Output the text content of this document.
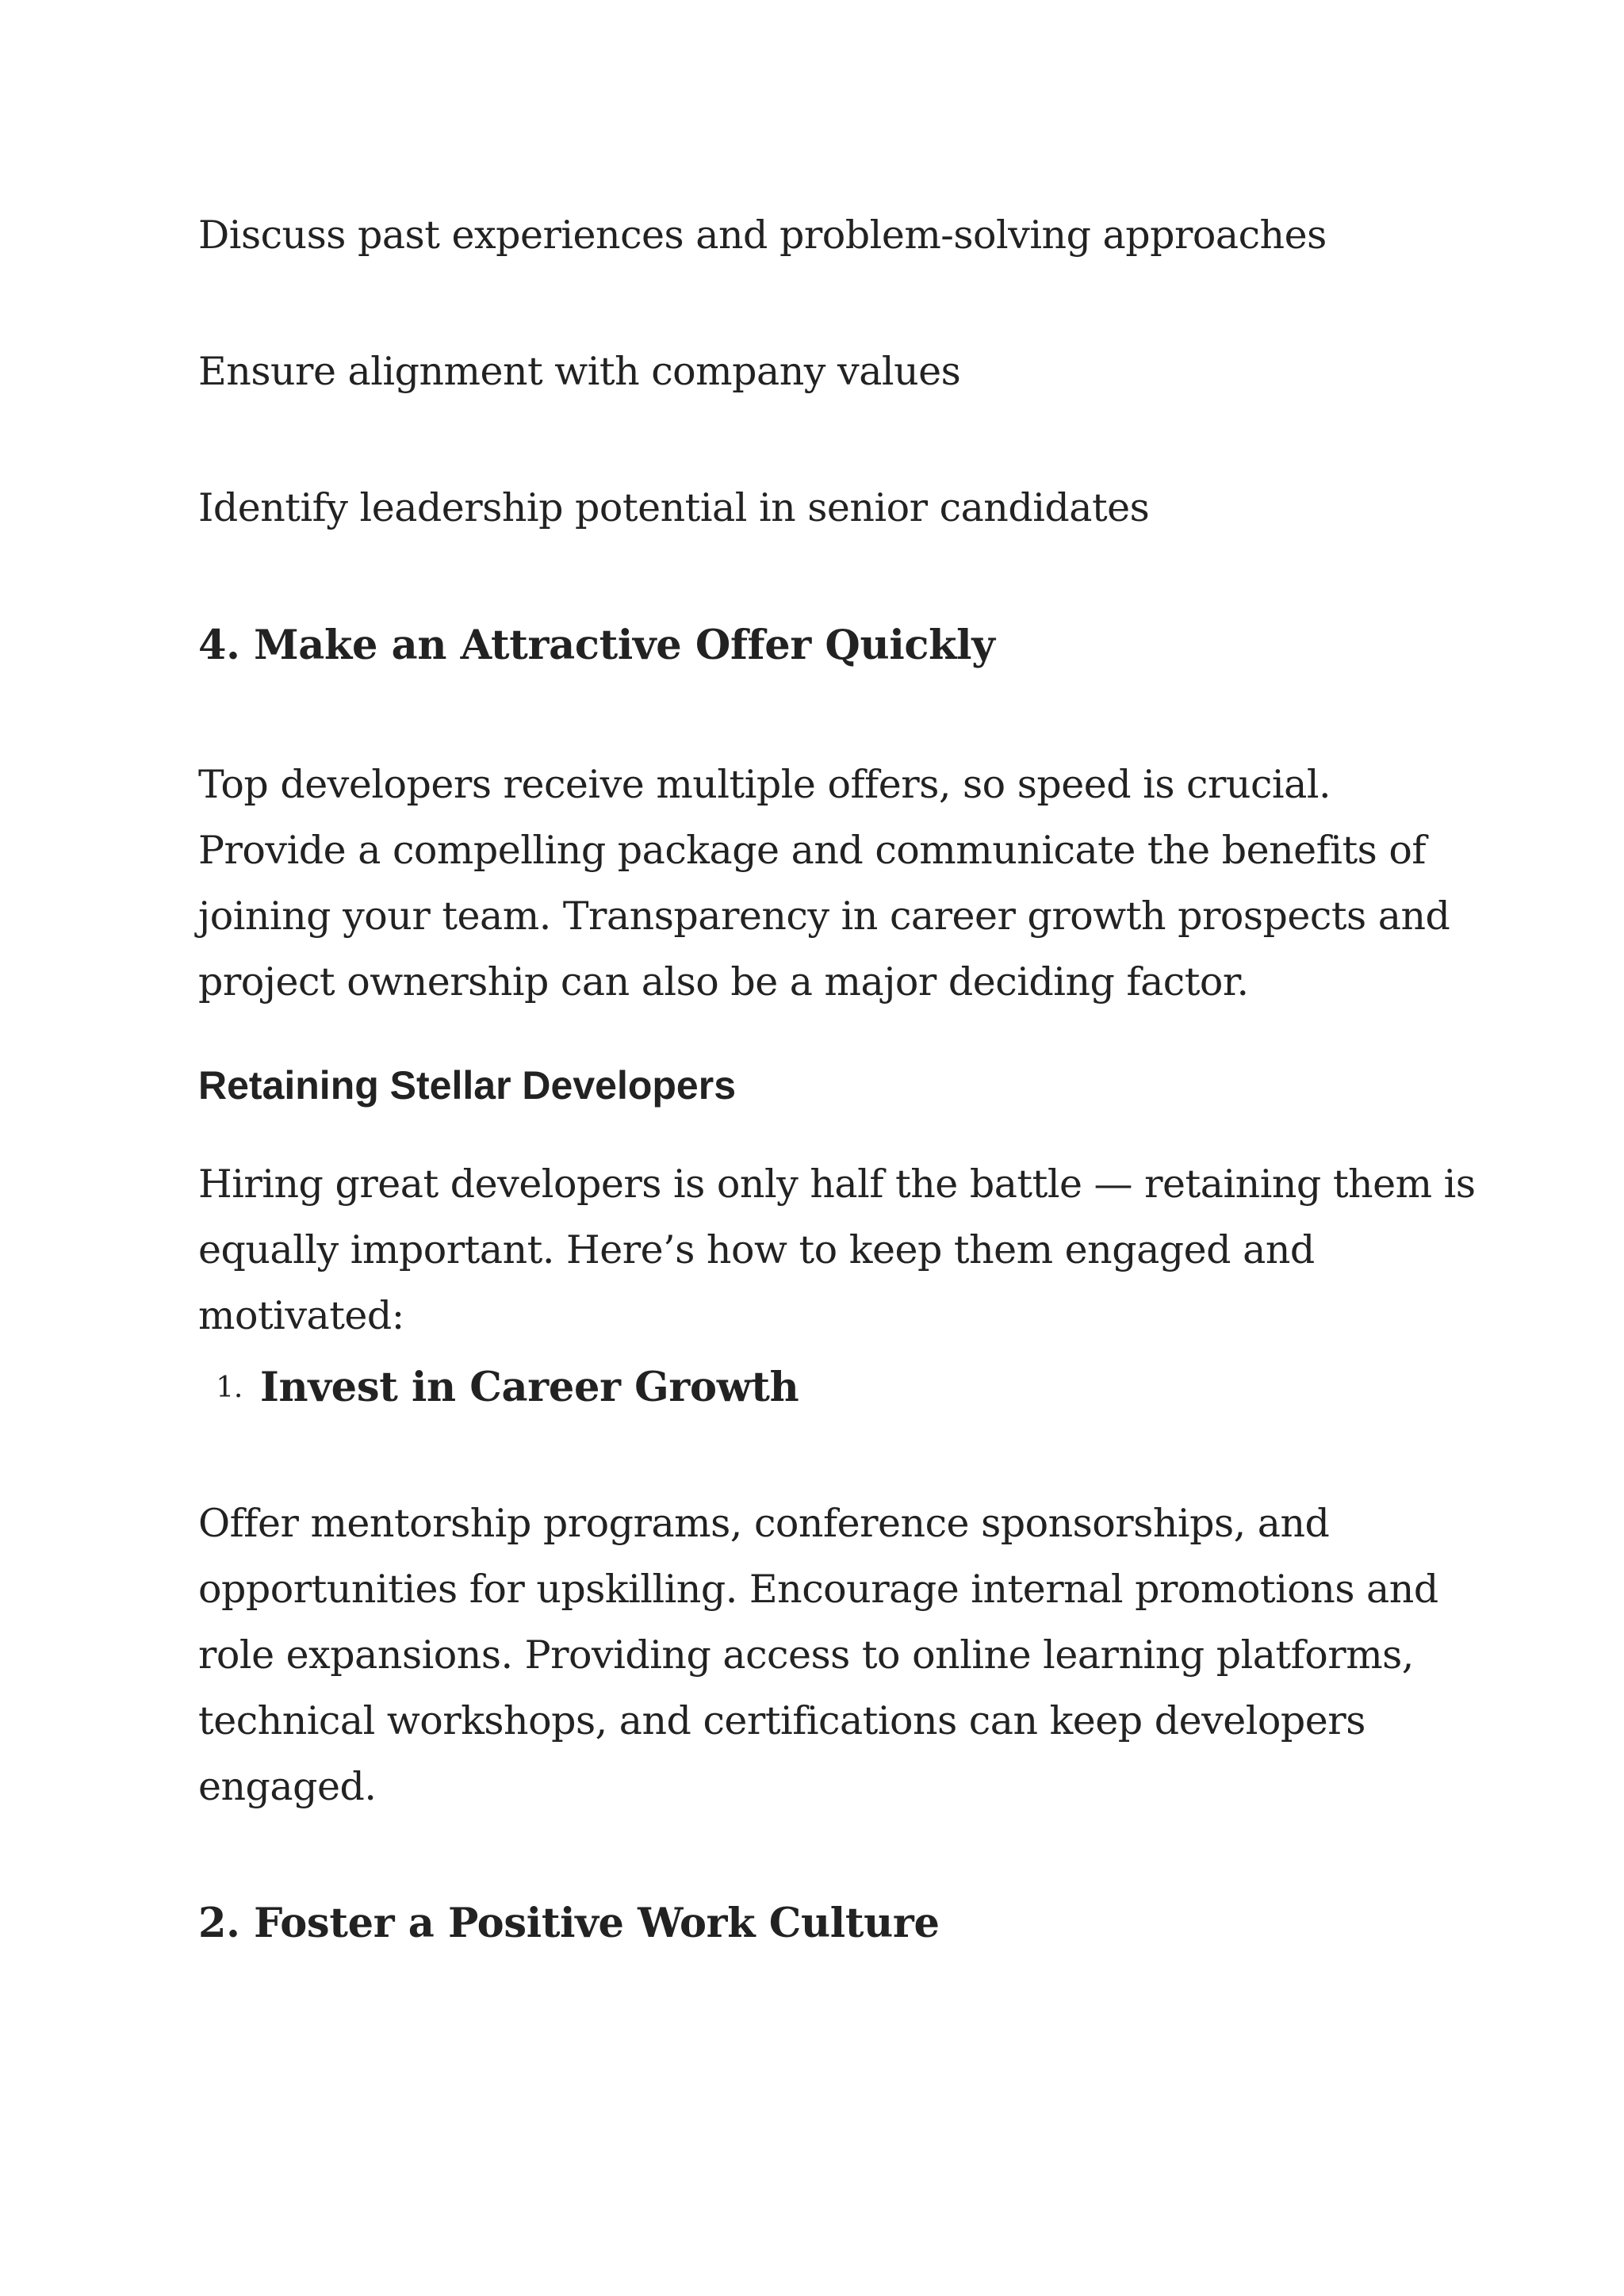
Discuss past experiences and problem-solving approaches

Ensure alignment with company values

Identify leadership potential in senior candidates

4. Make an Attractive Offer Quickly

Top developers receive multiple offers, so speed is crucial. Provide a compelling package and communicate the benefits of joining your team. Transparency in career growth prospects and project ownership can also be a major deciding factor.

Retaining Stellar Developers

Hiring great developers is only half the battle — retaining them is equally important. Here’s how to keep them engaged and motivated:

1. Invest in Career Growth

Offer mentorship programs, conference sponsorships, and opportunities for upskilling. Encourage internal promotions and role expansions. Providing access to online learning platforms, technical workshops, and certifications can keep developers engaged.

2. Foster a Positive Work Culture
